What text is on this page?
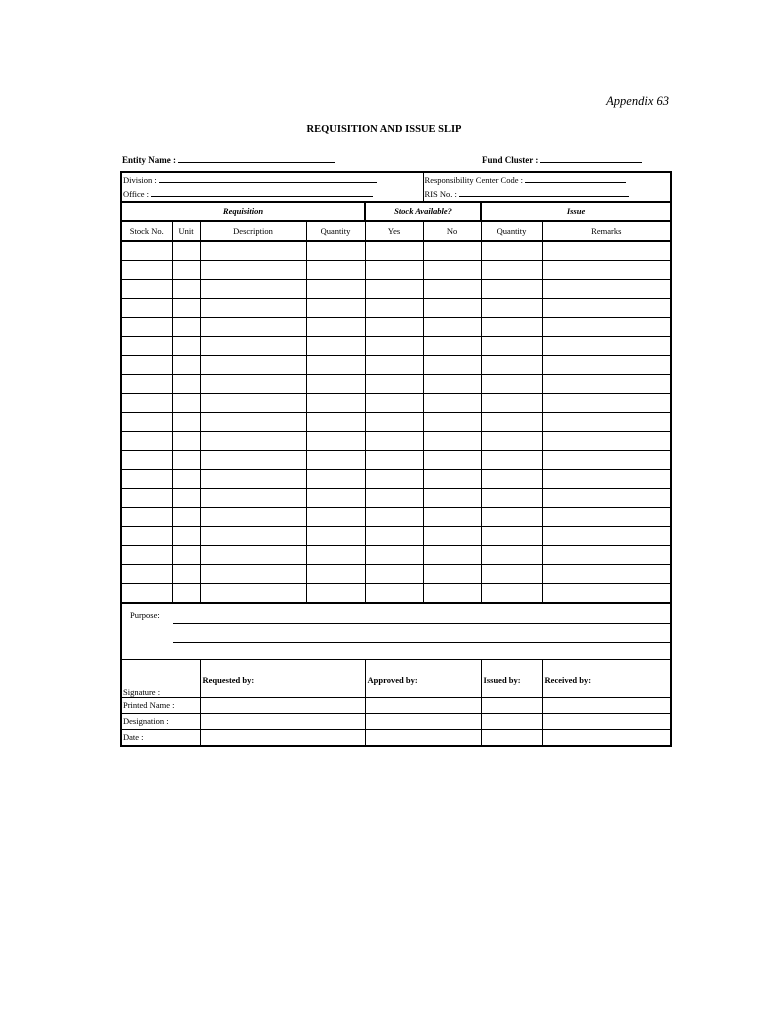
Appendix 63
REQUISITION AND ISSUE SLIP
Entity Name :	Fund Cluster :
Division :					Responsibility Center Code :		
Office :					RIS No. :		
Requisition				Stock Available?		Issue	
Stock No.	Unit	Description	Quantity	Yes	No	Quantity	Remarks

Purpose:							

Signature :		Requested by:		Approved by:		Issued by:	Received by:
Printed Name :							
Designation :							
Date :							
